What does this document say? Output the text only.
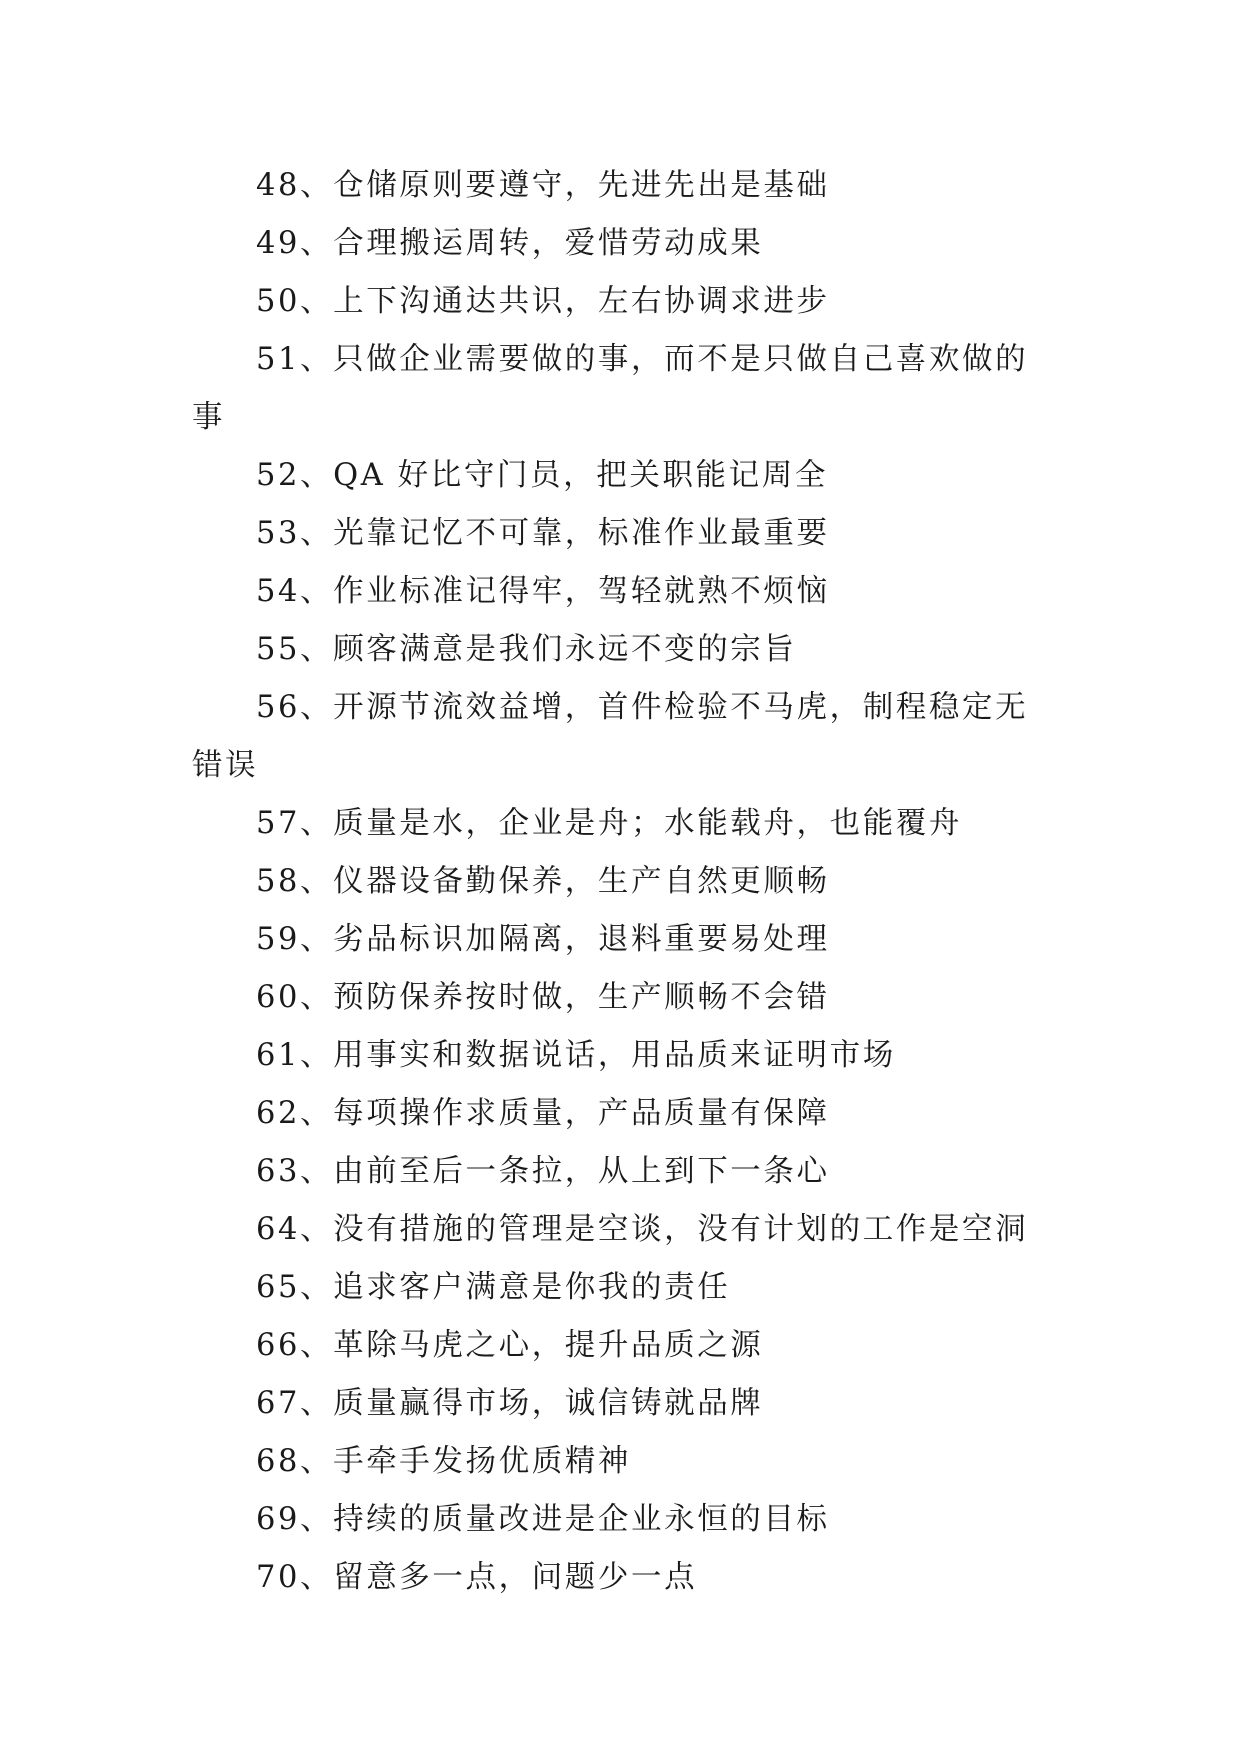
48、仓储原则要遵守，先进先出是基础

49、合理搬运周转，爱惜劳动成果

50、上下沟通达共识，左右协调求进步

51、只做企业需要做的事，而不是只做自己喜欢做的事

52、QA 好比守门员，把关职能记周全

53、光靠记忆不可靠，标准作业最重要

54、作业标准记得牢，驾轻就熟不烦恼

55、顾客满意是我们永远不变的宗旨

56、开源节流效益增，首件检验不马虎，制程稳定无错误

57、质量是水，企业是舟；水能载舟，也能覆舟

58、仪器设备勤保养，生产自然更顺畅

59、劣品标识加隔离，退料重要易处理

60、预防保养按时做，生产顺畅不会错

61、用事实和数据说话，用品质来证明市场

62、每项操作求质量，产品质量有保障

63、由前至后一条拉，从上到下一条心

64、没有措施的管理是空谈，没有计划的工作是空洞

65、追求客户满意是你我的责任

66、革除马虎之心，提升品质之源

67、质量赢得市场，诚信铸就品牌

68、手牵手发扬优质精神

69、持续的质量改进是企业永恒的目标

70、留意多一点，问题少一点
